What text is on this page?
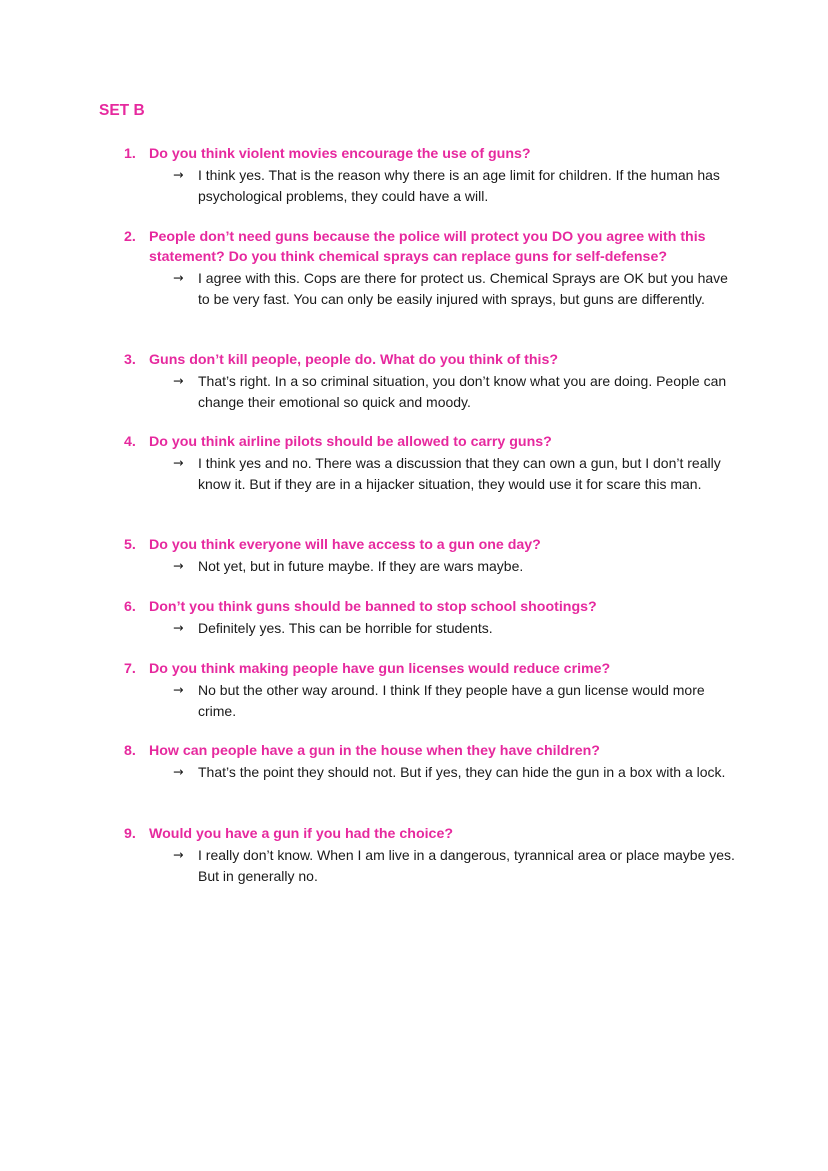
SET B
1. Do you think violent movies encourage the use of guns?

→ I think yes. That is the reason why there is an age limit for children. If the human has psychological problems, they could have a will.

2. People don’t need guns because the police will protect you DO you agree with this statement? Do you think chemical sprays can replace guns for self-defense?

→ I agree with this. Cops are there for protect us. Chemical Sprays are OK but you have to be very fast. You can only be easily injured with sprays, but guns are differently.

3. Guns don’t kill people, people do. What do you think of this?

→ That’s right. In a so criminal situation, you don’t know what you are doing. People can change their emotional so quick and moody.

4. Do you think airline pilots should be allowed to carry guns?

→ I think yes and no. There was a discussion that they can own a gun, but I don’t really know it. But if they are in a hijacker situation, they would use it for scare this man.

5. Do you think everyone will have access to a gun one day?

→ Not yet, but in future maybe. If they are wars maybe.

6. Don’t you think guns should be banned to stop school shootings?

→ Definitely yes. This can be horrible for students.

7. Do you think making people have gun licenses would reduce crime?

→ No but the other way around. I think If they people have a gun license would more crime.

8. How can people have a gun in the house when they have children?

→ That’s the point they should not. But if yes, they can hide the gun in a box with a lock.

9. Would you have a gun if you had the choice?

→ I really don’t know. When I am live in a dangerous, tyrannical area or place maybe yes. But in generally no.
